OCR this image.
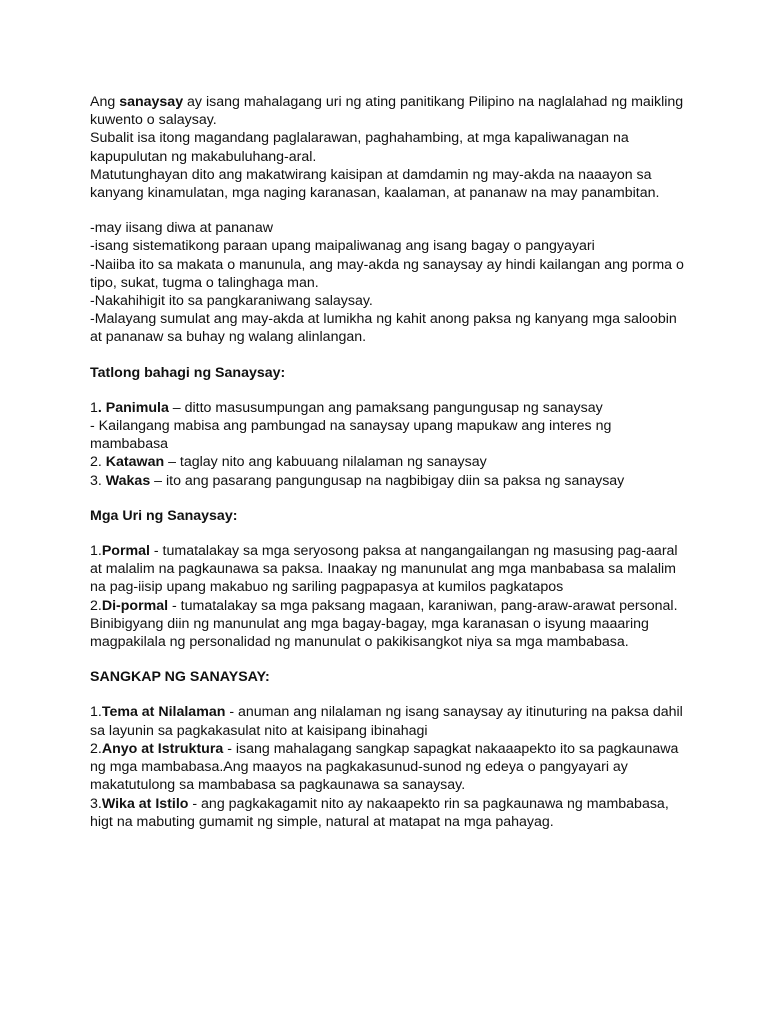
Ang sanaysay ay isang mahalagang uri ng ating panitikang Pilipino na naglalahad ng maikling kuwento o salaysay.

Subalit isa itong magandang paglalarawan, paghahambing, at mga kapaliwanagan na kapupulutan ng makabuluhang-aral.

Matutunghayan dito ang makatwirang kaisipan at damdamin ng may-akda na naaayon sa kanyang kinamulatan, mga naging karanasan, kaalaman, at pananaw na may panambitan.

-may iisang diwa at pananaw

-isang sistematikong paraan upang maipaliwanag ang isang bagay o pangyayari

-Naiiba ito sa makata o manunula, ang may-akda ng sanaysay ay hindi kailangan ang porma o tipo, sukat, tugma o talinghaga man.

-Nakahihigit ito sa pangkaraniwang salaysay.

-Malayang sumulat ang may-akda at lumikha ng kahit anong paksa ng kanyang mga saloobin at pananaw sa buhay ng walang alinlangan.

Tatlong bahagi ng Sanaysay:

1. Panimula – ditto masusumpungan ang pamaksang pangungusap ng sanaysay

- Kailangang mabisa ang pambungad na sanaysay upang mapukaw ang interes ng mambabasa

2. Katawan – taglay nito ang kabuuang nilalaman ng sanaysay

3. Wakas – ito ang pasarang pangungusap na nagbibigay diin sa paksa ng sanaysay

Mga Uri ng Sanaysay:

1.Pormal - tumatalakay sa mga seryosong paksa at nangangailangan ng masusing pag-aaral at malalim na pagkaunawa sa paksa. Inaakay ng manunulat ang mga manbabasa sa malalim na pag-iisip upang makabuo ng sariling pagpapasya at kumilos pagkatapos

2.Di-pormal - tumatalakay sa mga paksang magaan, karaniwan, pang-araw-arawat personal. Binibigyang diin ng manunulat ang mga bagay-bagay, mga karanasan o isyung maaaring magpakilala ng personalidad ng manunulat o pakikisangkot niya sa mga mambabasa.

SANGKAP NG SANAYSAY:

1.Tema at Nilalaman - anuman ang nilalaman ng isang sanaysay ay itinuturing na paksa dahil sa layunin sa pagkakasulat nito at kaisipang ibinahagi

2.Anyo at Istruktura - isang mahalagang sangkap sapagkat nakaaapekto ito sa pagkaunawa ng mga mambabasa.Ang maayos na pagkakasunud-sunod ng edeya o pangyayari ay makatutulong sa mambabasa sa pagkaunawa sa sanaysay.

3.Wika at Istilo - ang pagkakagamit nito ay nakaapekto rin sa pagkaunawa ng mambabasa, higt na mabuting gumamit ng simple, natural at matapat na mga pahayag.
